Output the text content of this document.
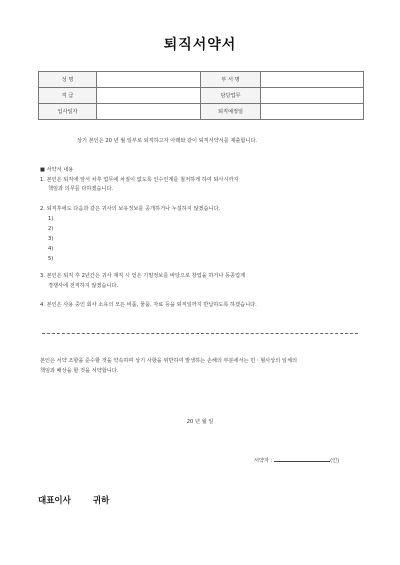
퇴직서약서
성 명		부 서 명	
직 급		담당업무	
입사일자		퇴직예정일	
상기 본인은 20 년 월 일부로 퇴직하고자 아래와 같이 퇴직서약서를 제출합니다.
■ 서약서 내용
1. 본인은 퇴직에 앞서 차후 업무에 차질이 없도록 인수인계를 철저하게 하여 퇴사시까지
책임과 의무를 다하겠습니다.
2. 퇴직후에도 다음과 같은 귀사의 보유정보를 공개하거나 누설하지 않겠습니다.
1)
2)
3)
4)
5)
3. 본인은 퇴직 후 2년간은 귀사 재직 시 얻은 기밀정보를 바탕으로 창업을 하거나 동종업계
경쟁사에 전직하지 않겠습니다.
4. 본인은 사용 중인 회사 소유의 모든 비품, 물품, 자료 등을 퇴직일까지 반납하도록 하겠습니다.
본인은 서약 조항을 준수할 것을 약속하며 상기 사항을 위반하여 발생하는 손해의 부분에서는 민ㆍ형사상의 일체의
책임과 배상을 할 것을 서약합니다.
20 년 월 일
서약자 :	(인)
대표이사	귀하
